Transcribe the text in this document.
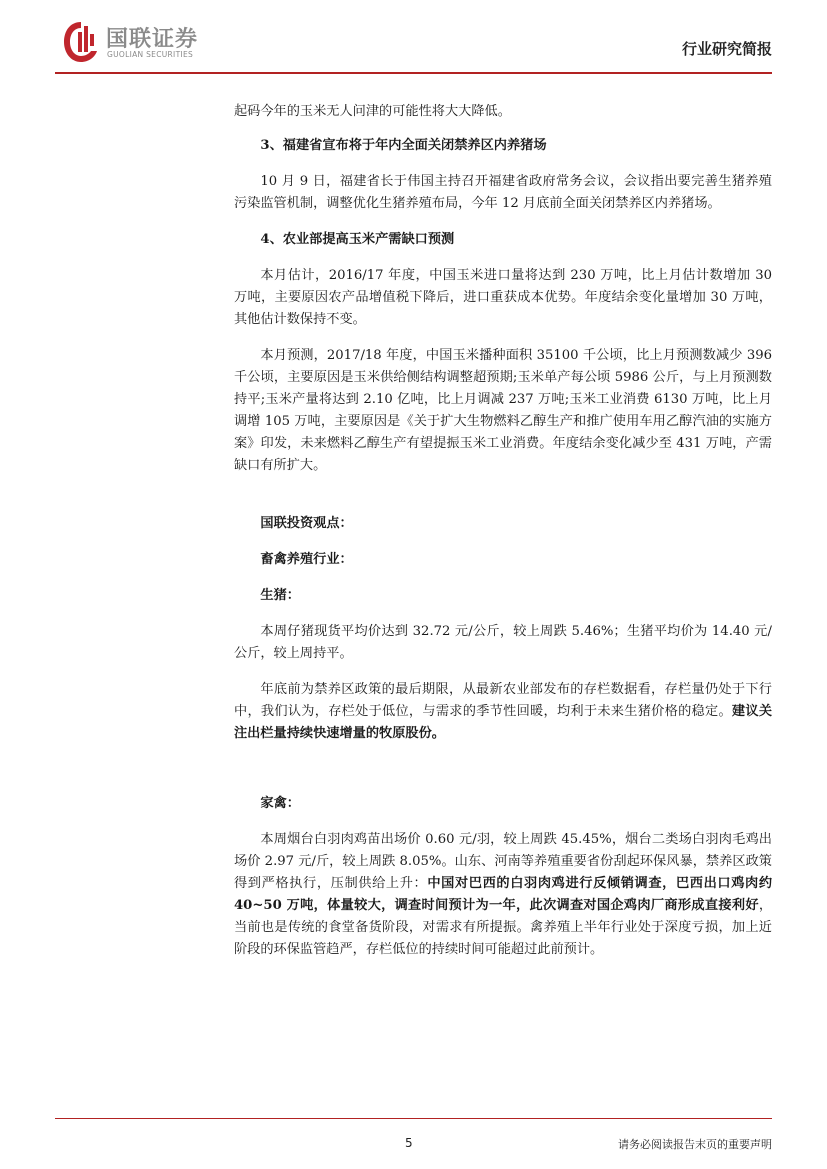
国联证券
GUOLIAN SECURITIES	行业研究简报

起码今年的玉米无人问津的可能性将大大降低。

3、福建省宣布将于年内全面关闭禁养区内养猪场

10 月 9 日，福建省长于伟国主持召开福建省政府常务会议，会议指出要完善生猪养殖污染监管机制，调整优化生猪养殖布局，今年 12 月底前全面关闭禁养区内养猪场。

4、农业部提高玉米产需缺口预测

本月估计，2016/17 年度，中国玉米进口量将达到 230 万吨，比上月估计数增加 30 万吨，主要原因农产品增值税下降后，进口重获成本优势。年度结余变化量增加 30 万吨，其他估计数保持不变。

本月预测，2017/18 年度，中国玉米播种面积 35100 千公顷，比上月预测数减少 396 千公顷，主要原因是玉米供给侧结构调整超预期;玉米单产每公顷 5986 公斤，与上月预测数持平;玉米产量将达到 2.10 亿吨，比上月调减 237 万吨;玉米工业消费 6130 万吨，比上月调增 105 万吨，主要原因是《关于扩大生物燃料乙醇生产和推广使用车用乙醇汽油的实施方案》印发，未来燃料乙醇生产有望提振玉米工业消费。年度结余变化减少至 431 万吨，产需缺口有所扩大。

国联投资观点：

畜禽养殖行业：

生猪：

本周仔猪现货平均价达到 32.72 元/公斤，较上周跌 5.46%；生猪平均价为 14.40 元/公斤，较上周持平。

年底前为禁养区政策的最后期限，从最新农业部发布的存栏数据看，存栏量仍处于下行中，我们认为，存栏处于低位，与需求的季节性回暖，均利于未来生猪价格的稳定。建议关注出栏量持续快速增量的牧原股份。

家禽：

本周烟台白羽肉鸡苗出场价 0.60 元/羽，较上周跌 45.45%，烟台二类场白羽肉毛鸡出场价 2.97 元/斤，较上周跌 8.05%。山东、河南等养殖重要省份刮起环保风暴，禁养区政策得到严格执行，压制供给上升：中国对巴西的白羽肉鸡进行反倾销调查，巴西出口鸡肉约 40~50 万吨，体量较大，调查时间预计为一年，此次调查对国企鸡肉厂商形成直接利好，当前也是传统的食堂备货阶段，对需求有所提振。禽养殖上半年行业处于深度亏损，加上近阶段的环保监管趋严，存栏低位的持续时间可能超过此前预计。

5	请务必阅读报告末页的重要声明
